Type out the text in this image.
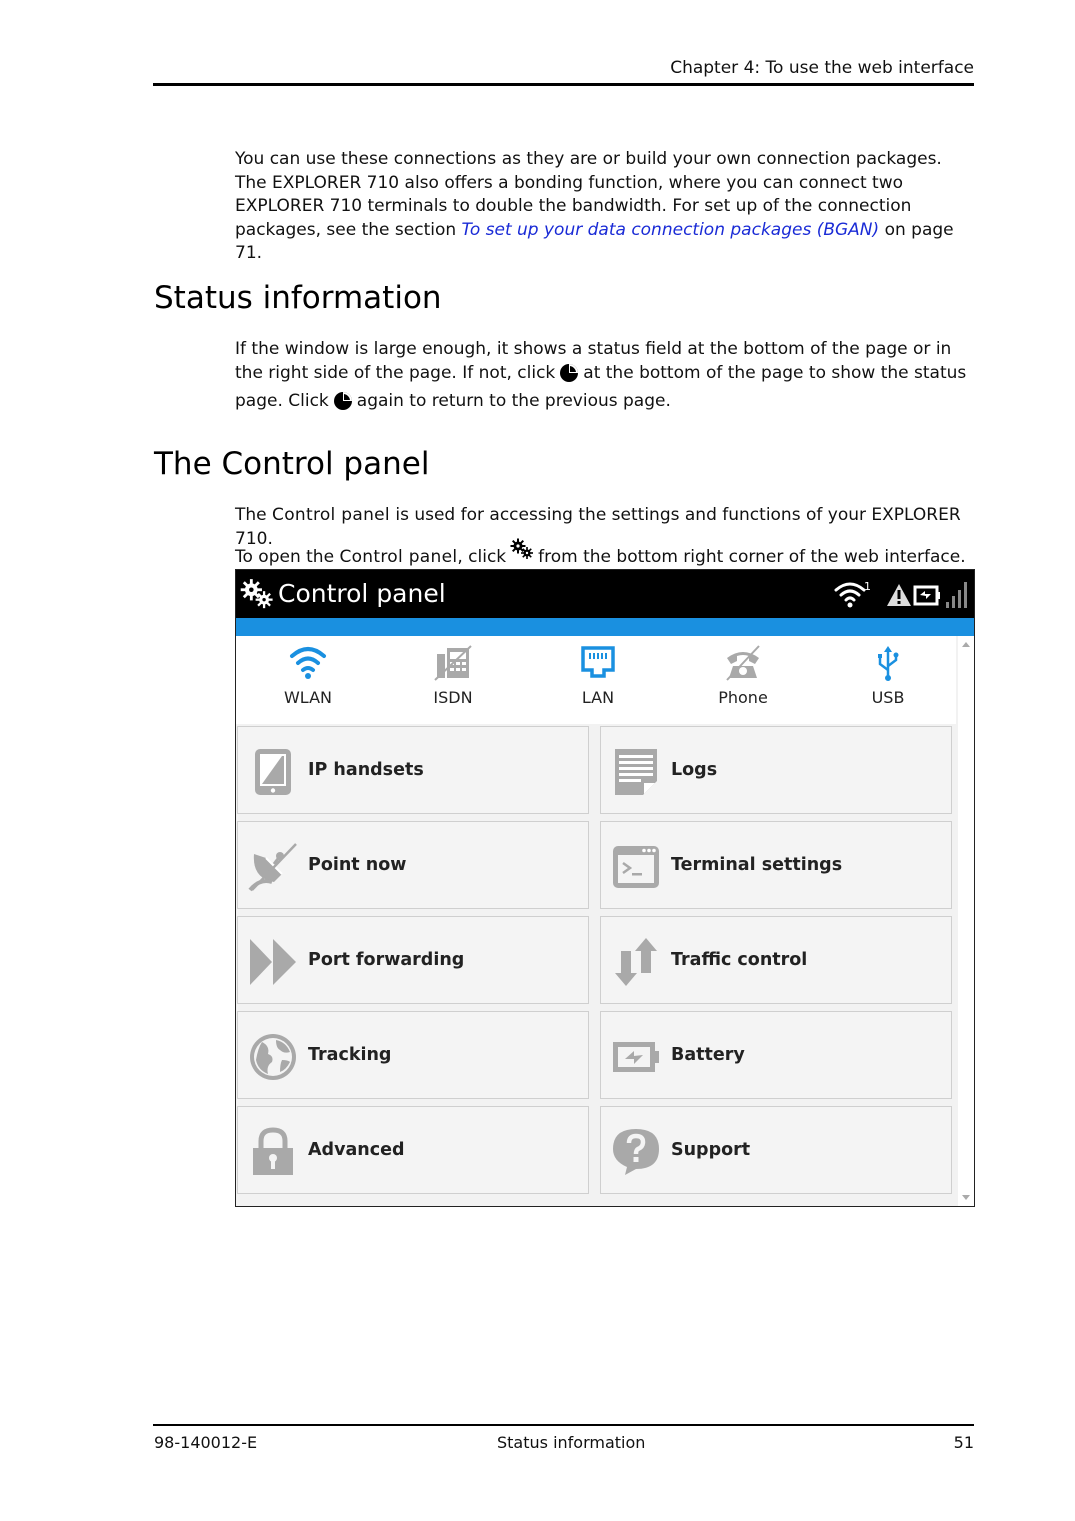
Chapter 4: To use the web interface

You can use these connections as they are or build your own connection packages. The EXPLORER 710 also offers a bonding function, where you can connect two EXPLORER 710 terminals to double the bandwidth. For set up of the connection packages, see the section To set up your data connection packages (BGAN) on page 71.

Status information

If the window is large enough, it shows a status field at the bottom of the page or in the right side of the page. If not, click at the bottom of the page to show the status page. Click again to return to the previous page.

The Control panel

The Control panel is used for accessing the settings and functions of your EXPLORER 710.

To open the Control panel, click from the bottom right corner of the web interface.

Control panel	1
WLAN	ISDN	LAN	Phone	USB
IP handsets	Logs
Point now	Terminal settings
Port forwarding	Traffic control
Tracking	Battery
Advanced	Support
98-140012-E	Status information	51
